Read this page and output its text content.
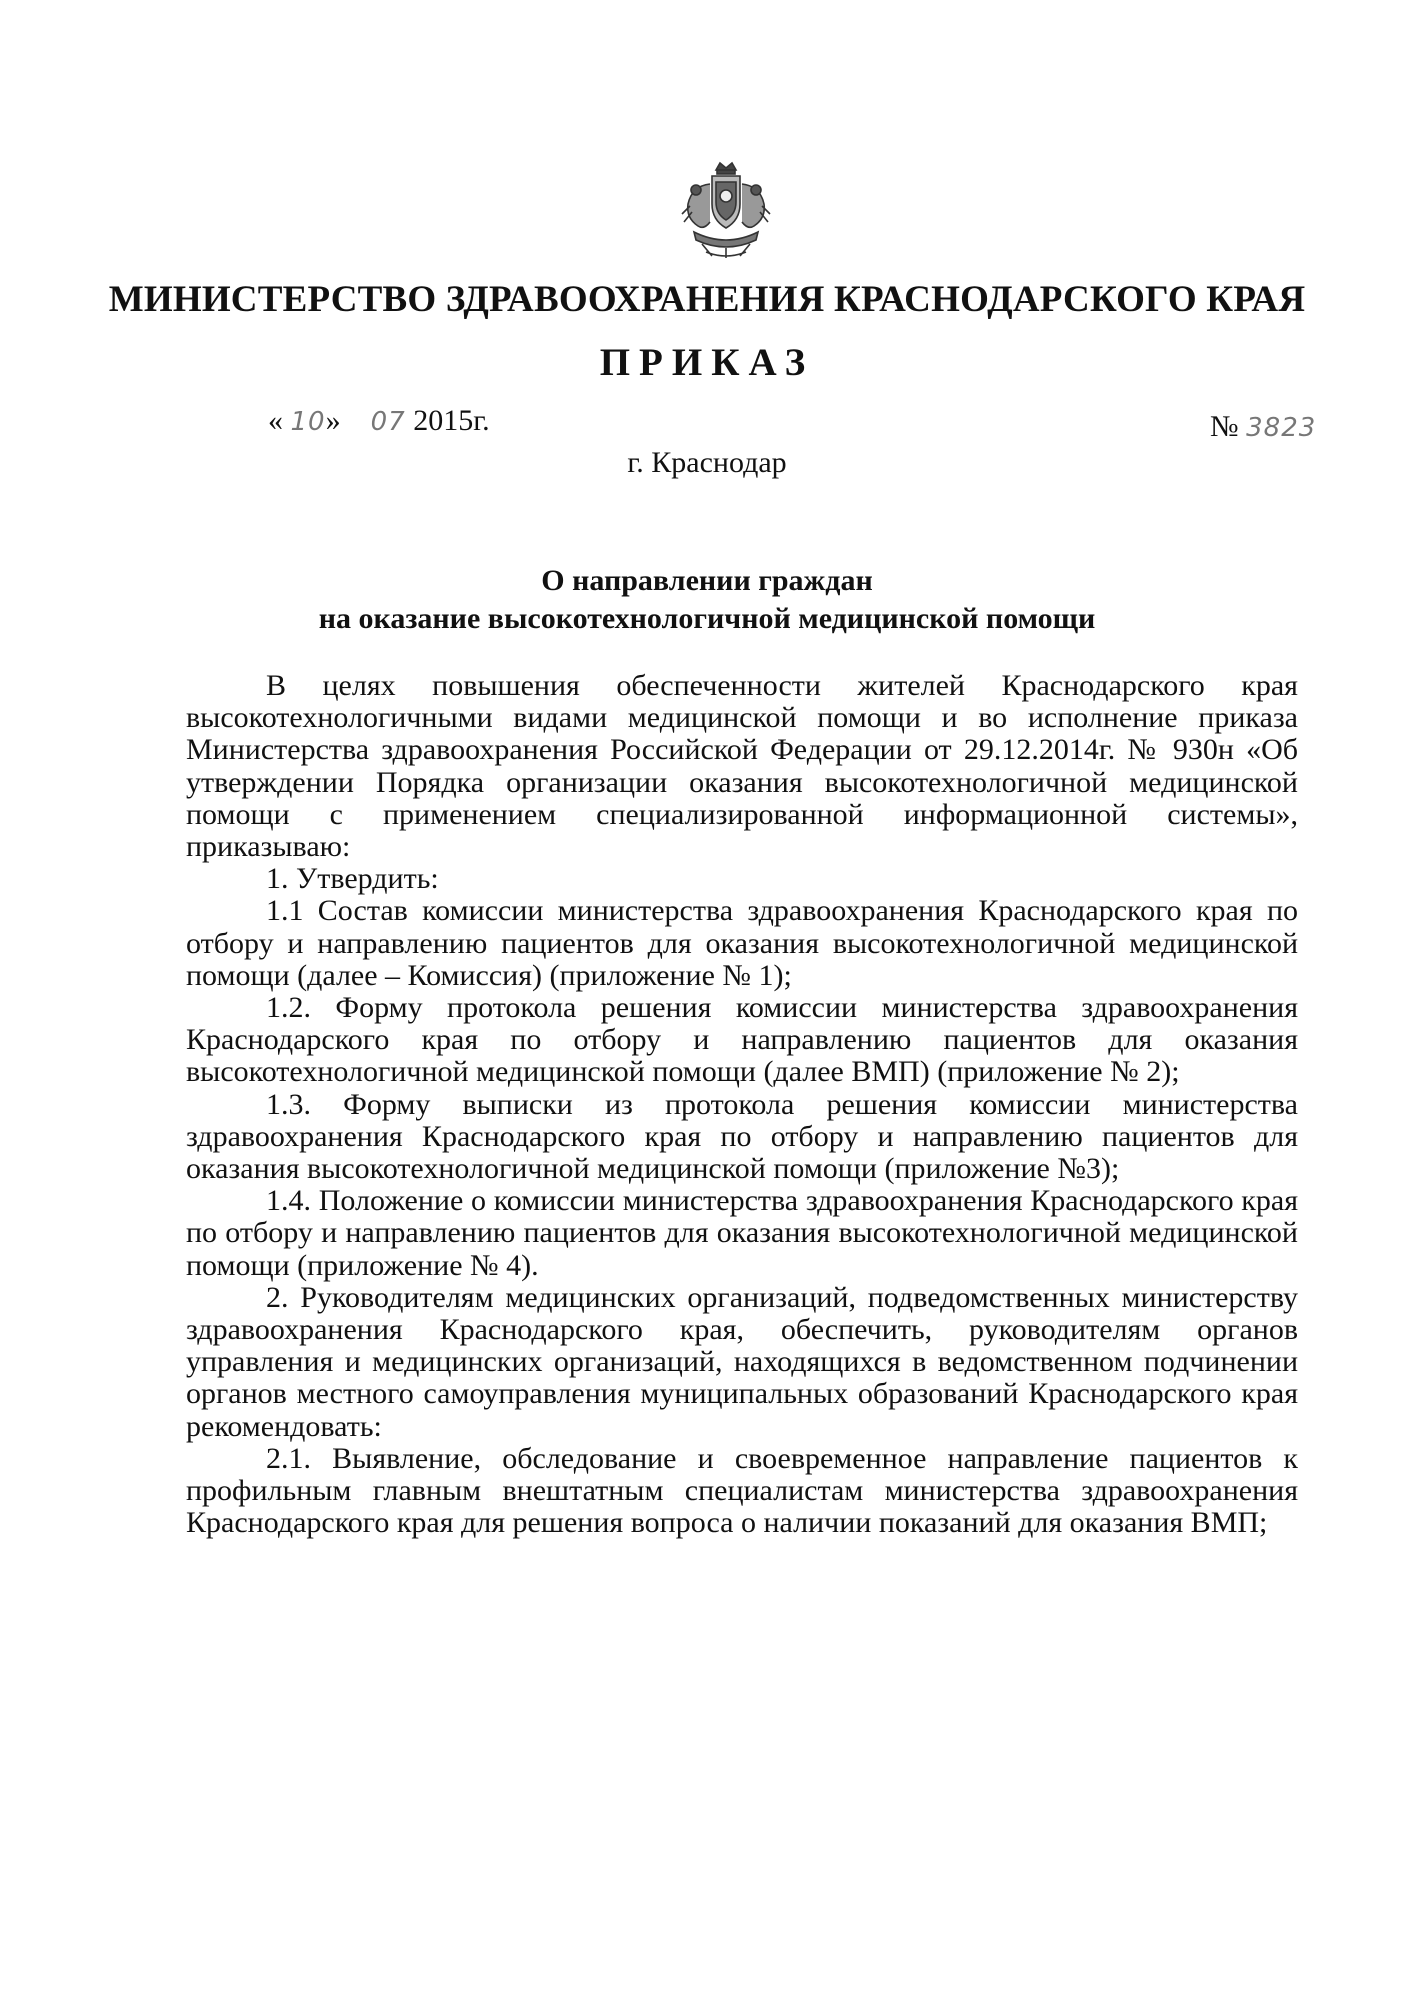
МИНИСТЕРСТВО ЗДРАВООХРАНЕНИЯ КРАСНОДАРСКОГО КРАЯ
ПРИКАЗ
« 10» 07 2015г.	№ 3823
г. Краснодар
О направлении граждан
на оказание высокотехнологичной медицинской помощи

В целях повышения обеспеченности жителей Краснодарского края высокотехнологичными видами медицинской помощи и во исполнение приказа Министерства здравоохранения Российской Федерации от 29.12.2014г. № 930н «Об утверждении Порядка организации оказания высокотехнологичной медицинской помощи с применением специализированной информационной системы», приказываю:

1. Утвердить:

1.1 Состав комиссии министерства здравоохранения Краснодарского края по отбору и направлению пациентов для оказания высокотехнологичной медицинской помощи (далее – Комиссия) (приложение № 1);

1.2. Форму протокола решения комиссии министерства здравоохранения Краснодарского края по отбору и направлению пациентов для оказания высокотехнологичной медицинской помощи (далее ВМП) (приложение № 2);

1.3. Форму выписки из протокола решения комиссии министерства здравоохранения Краснодарского края по отбору и направлению пациентов для оказания высокотехнологичной медицинской помощи (приложение №3);

1.4. Положение о комиссии министерства здравоохранения Краснодарского края по отбору и направлению пациентов для оказания высокотехнологичной медицинской помощи (приложение № 4).

2. Руководителям медицинских организаций, подведомственных министерству здравоохранения Краснодарского края, обеспечить, руководителям органов управления и медицинских организаций, находящихся в ведомственном подчинении органов местного самоуправления муниципальных образований Краснодарского края рекомендовать:

2.1. Выявление, обследование и своевременное направление пациентов к профильным главным внештатным специалистам министерства здравоохранения Краснодарского края для решения вопроса о наличии показаний для оказания ВМП;
